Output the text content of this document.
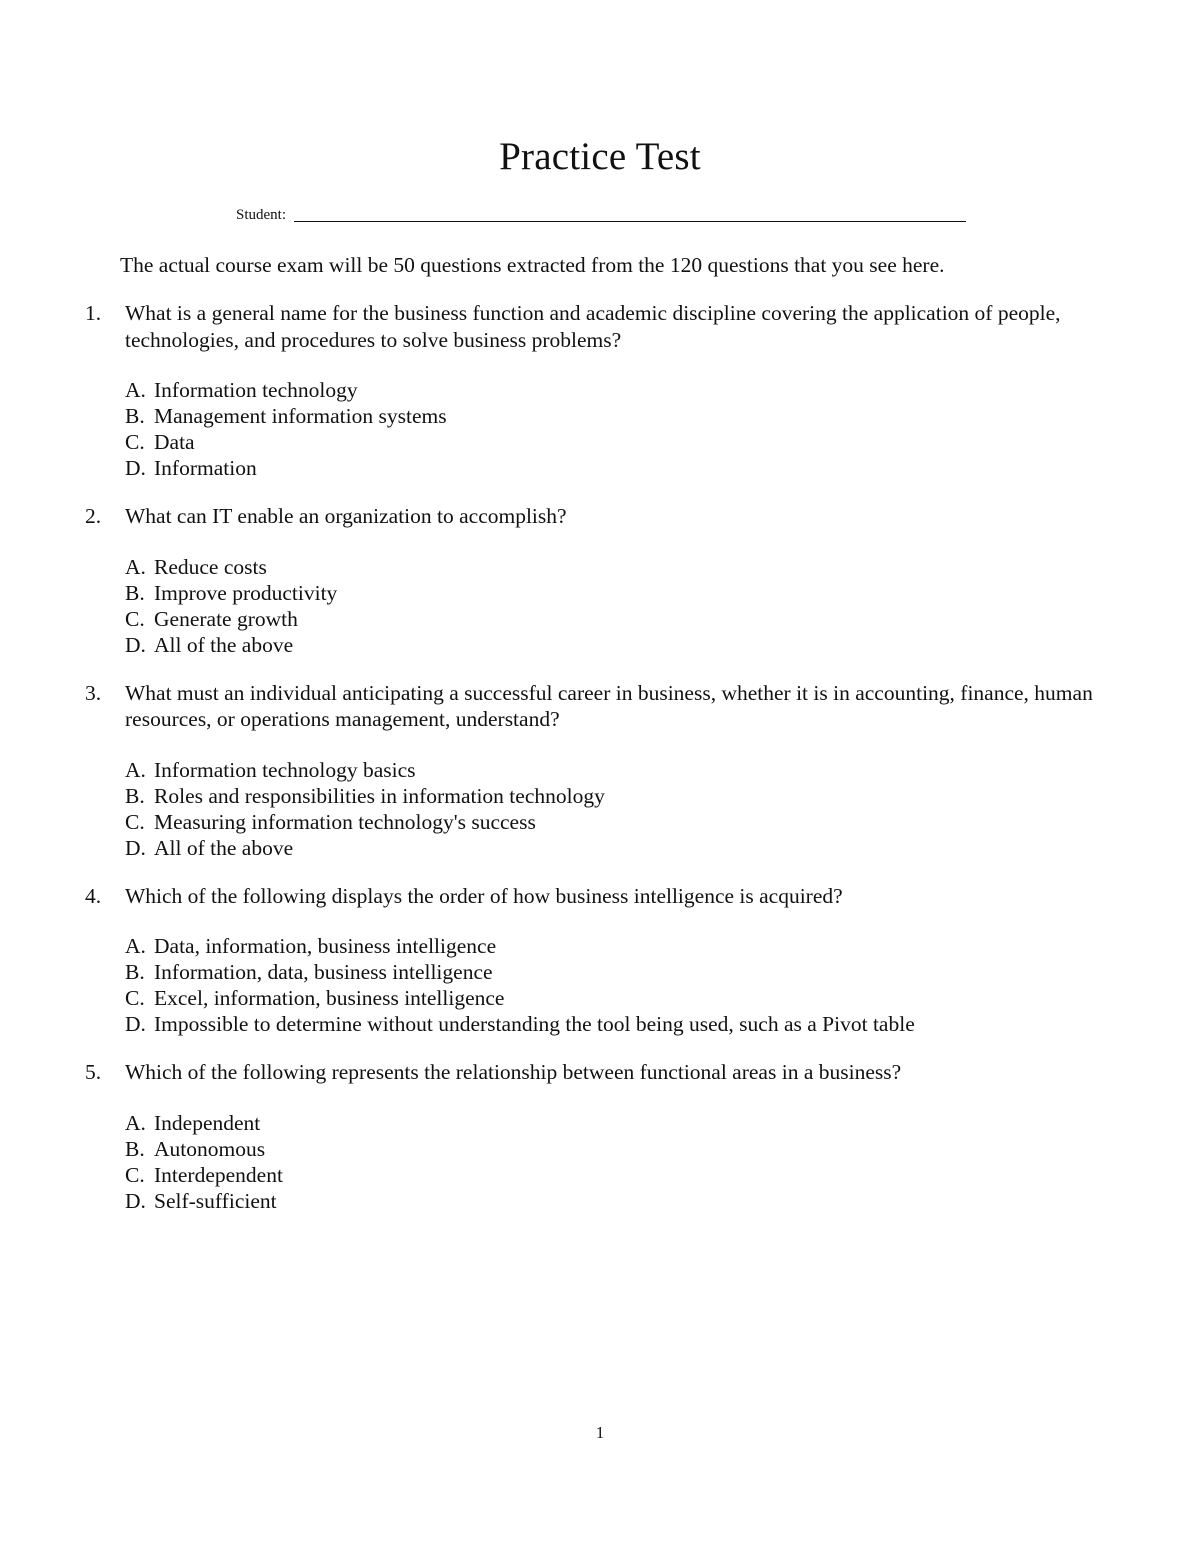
Practice Test
Student:
The actual course exam will be 50 questions extracted from the 120 questions that you see here.
1. What is a general name for the business function and academic discipline covering the application of people, technologies, and procedures to solve business problems?
A. Information technology
B. Management information systems
C. Data
D. Information
2. What can IT enable an organization to accomplish?
A. Reduce costs
B. Improve productivity
C. Generate growth
D. All of the above
3. What must an individual anticipating a successful career in business, whether it is in accounting, finance, human resources, or operations management, understand?
A. Information technology basics
B. Roles and responsibilities in information technology
C. Measuring information technology's success
D. All of the above
4. Which of the following displays the order of how business intelligence is acquired?
A. Data, information, business intelligence
B. Information, data, business intelligence
C. Excel, information, business intelligence
D. Impossible to determine without understanding the tool being used, such as a Pivot table
5. Which of the following represents the relationship between functional areas in a business?
A. Independent
B. Autonomous
C. Interdependent
D. Self-sufficient
1
